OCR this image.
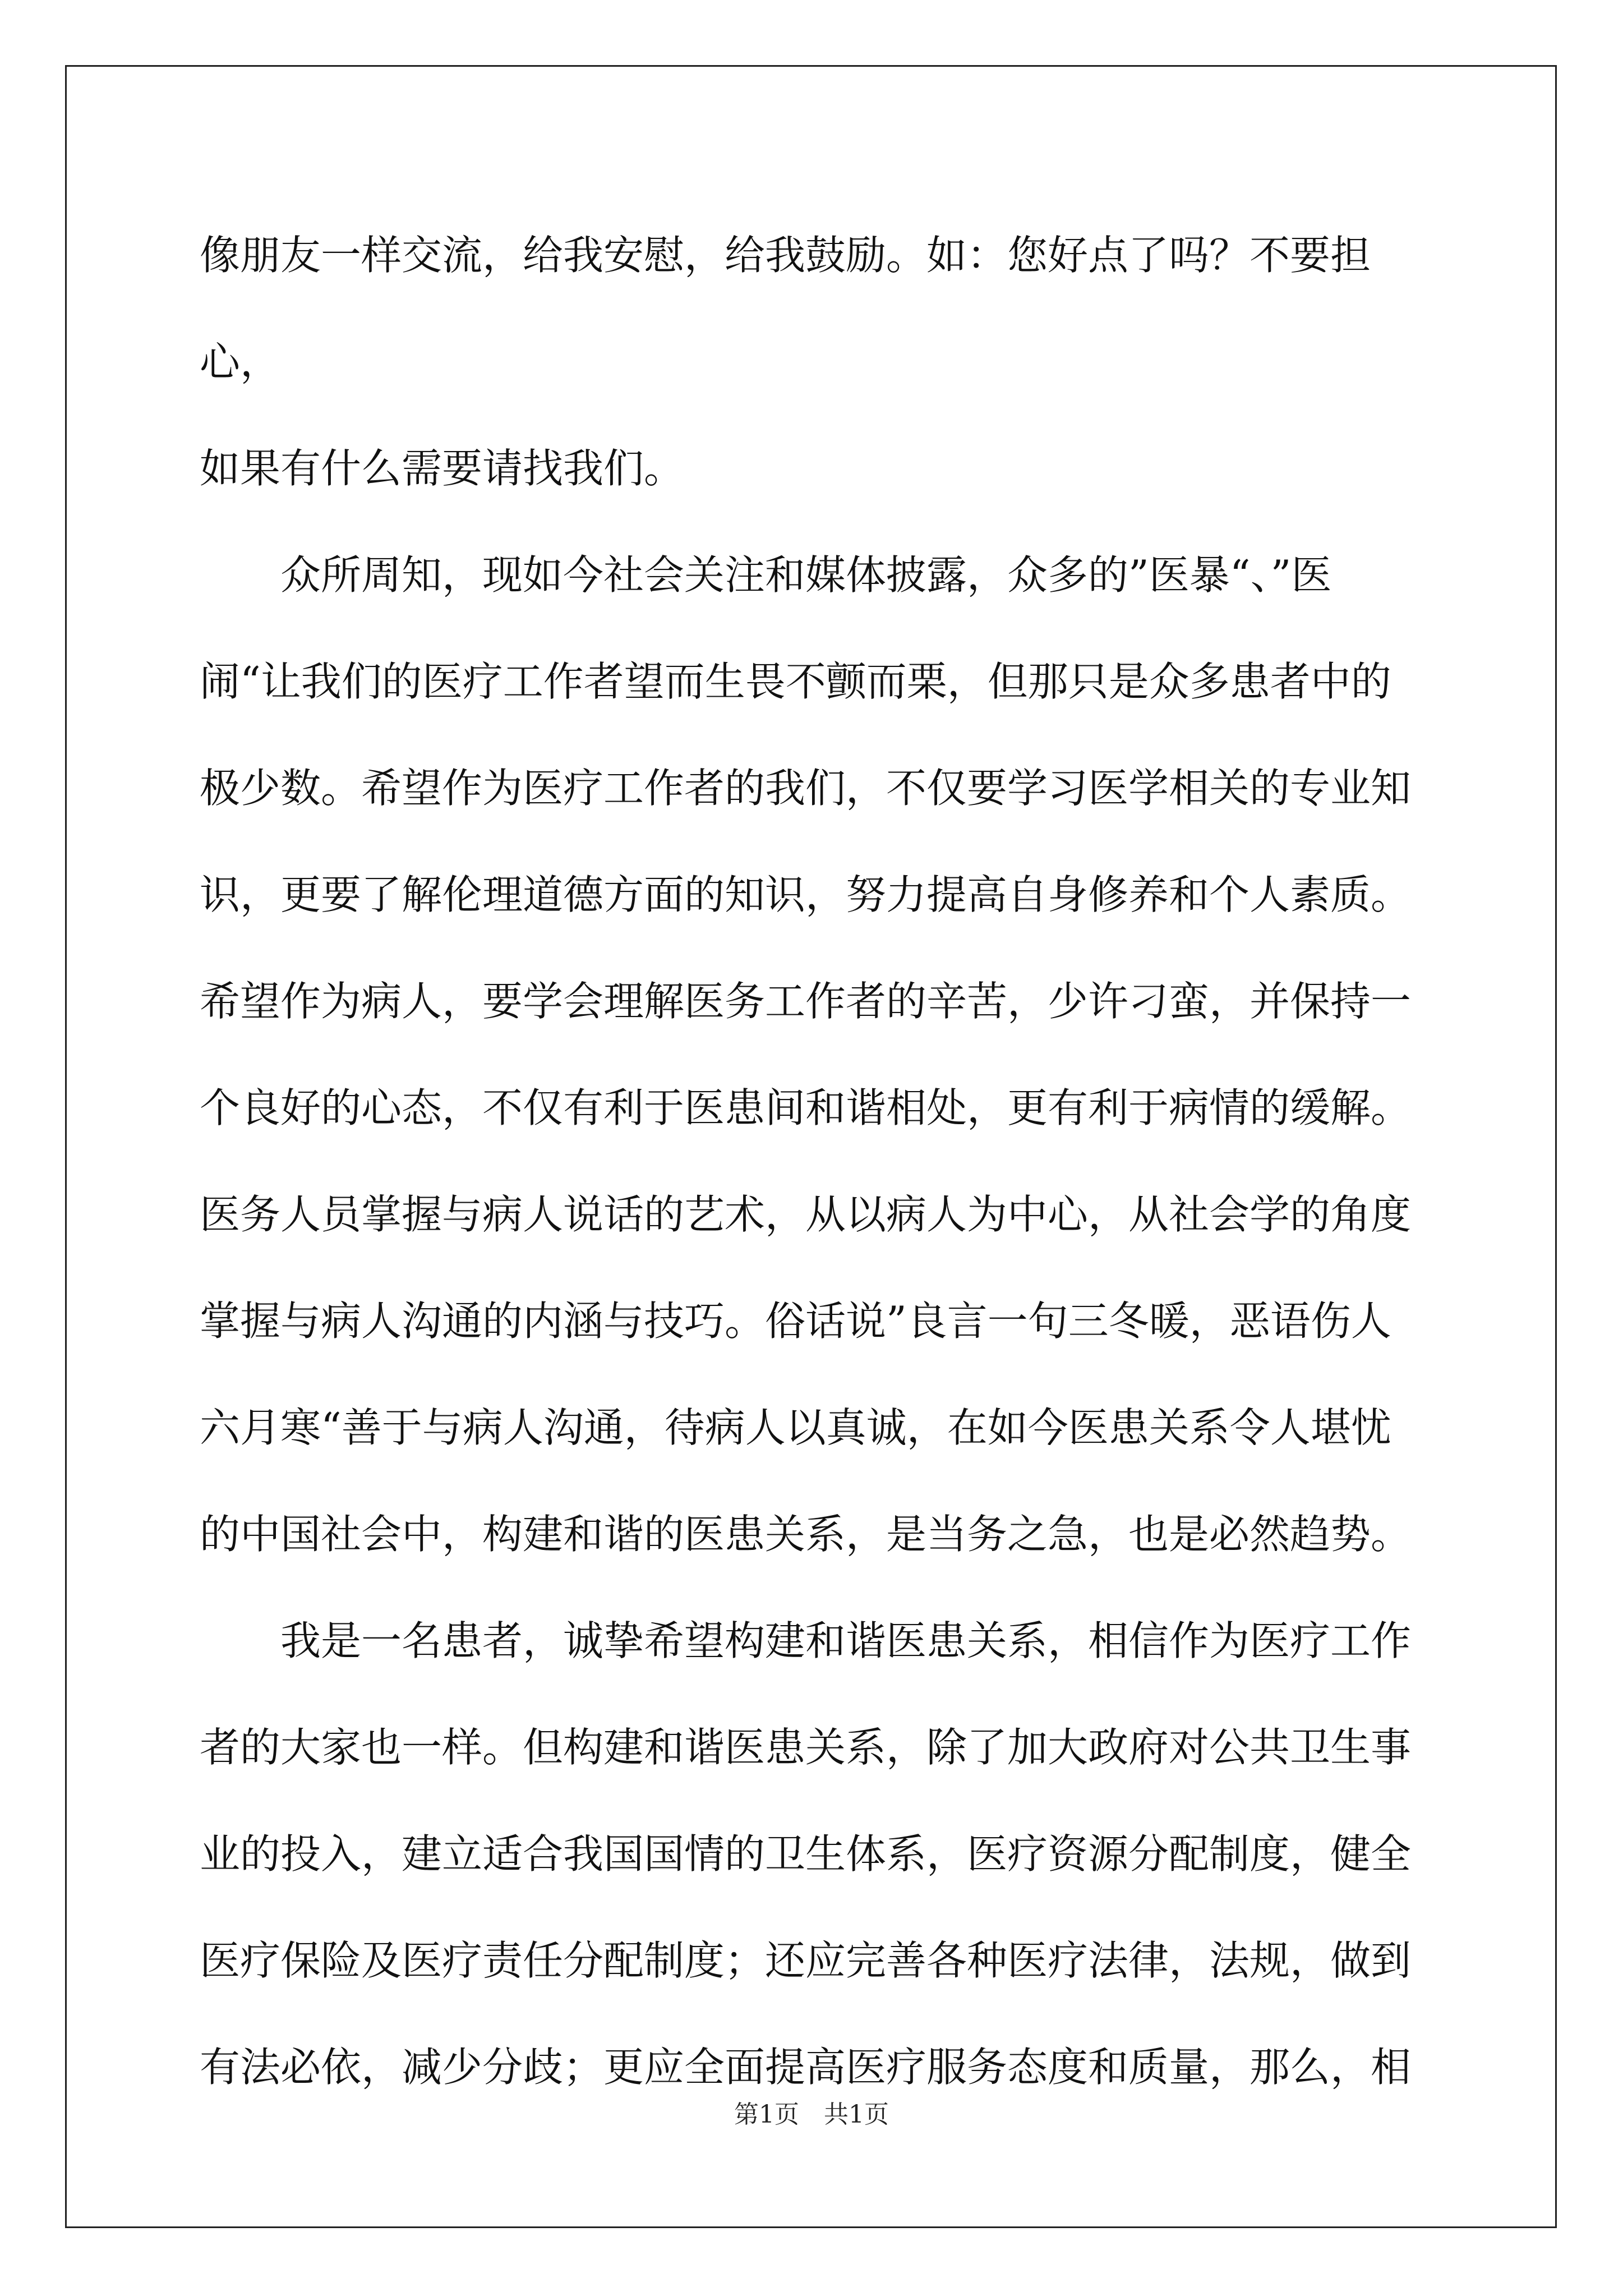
像朋友一样交流，给我安慰，给我鼓励。如：您好点了吗？不要担心，
如果有什么需要请找我们。

　　众所周知，现如今社会关注和媒体披露，众多的”医暴“、”医
闹“让我们的医疗工作者望而生畏不颤而栗，但那只是众多患者中的
极少数。希望作为医疗工作者的我们，不仅要学习医学相关的专业知
识，更要了解伦理道德方面的知识，努力提高自身修养和个人素质。
希望作为病人，要学会理解医务工作者的辛苦，少许刁蛮，并保持一
个良好的心态，不仅有利于医患间和谐相处，更有利于病情的缓解。
医务人员掌握与病人说话的艺术，从以病人为中心，从社会学的角度
掌握与病人沟通的内涵与技巧。俗话说”良言一句三冬暖，恶语伤人
六月寒“善于与病人沟通，待病人以真诚，在如今医患关系令人堪忧
的中国社会中，构建和谐的医患关系，是当务之急，也是必然趋势。

　　我是一名患者，诚挚希望构建和谐医患关系，相信作为医疗工作
者的大家也一样。但构建和谐医患关系，除了加大政府对公共卫生事
业的投入，建立适合我国国情的卫生体系，医疗资源分配制度，健全
医疗保险及医疗责任分配制度；还应完善各种医疗法律，法规，做到
有法必依，减少分歧；更应全面提高医疗服务态度和质量，那么，相

第1页　共1页
